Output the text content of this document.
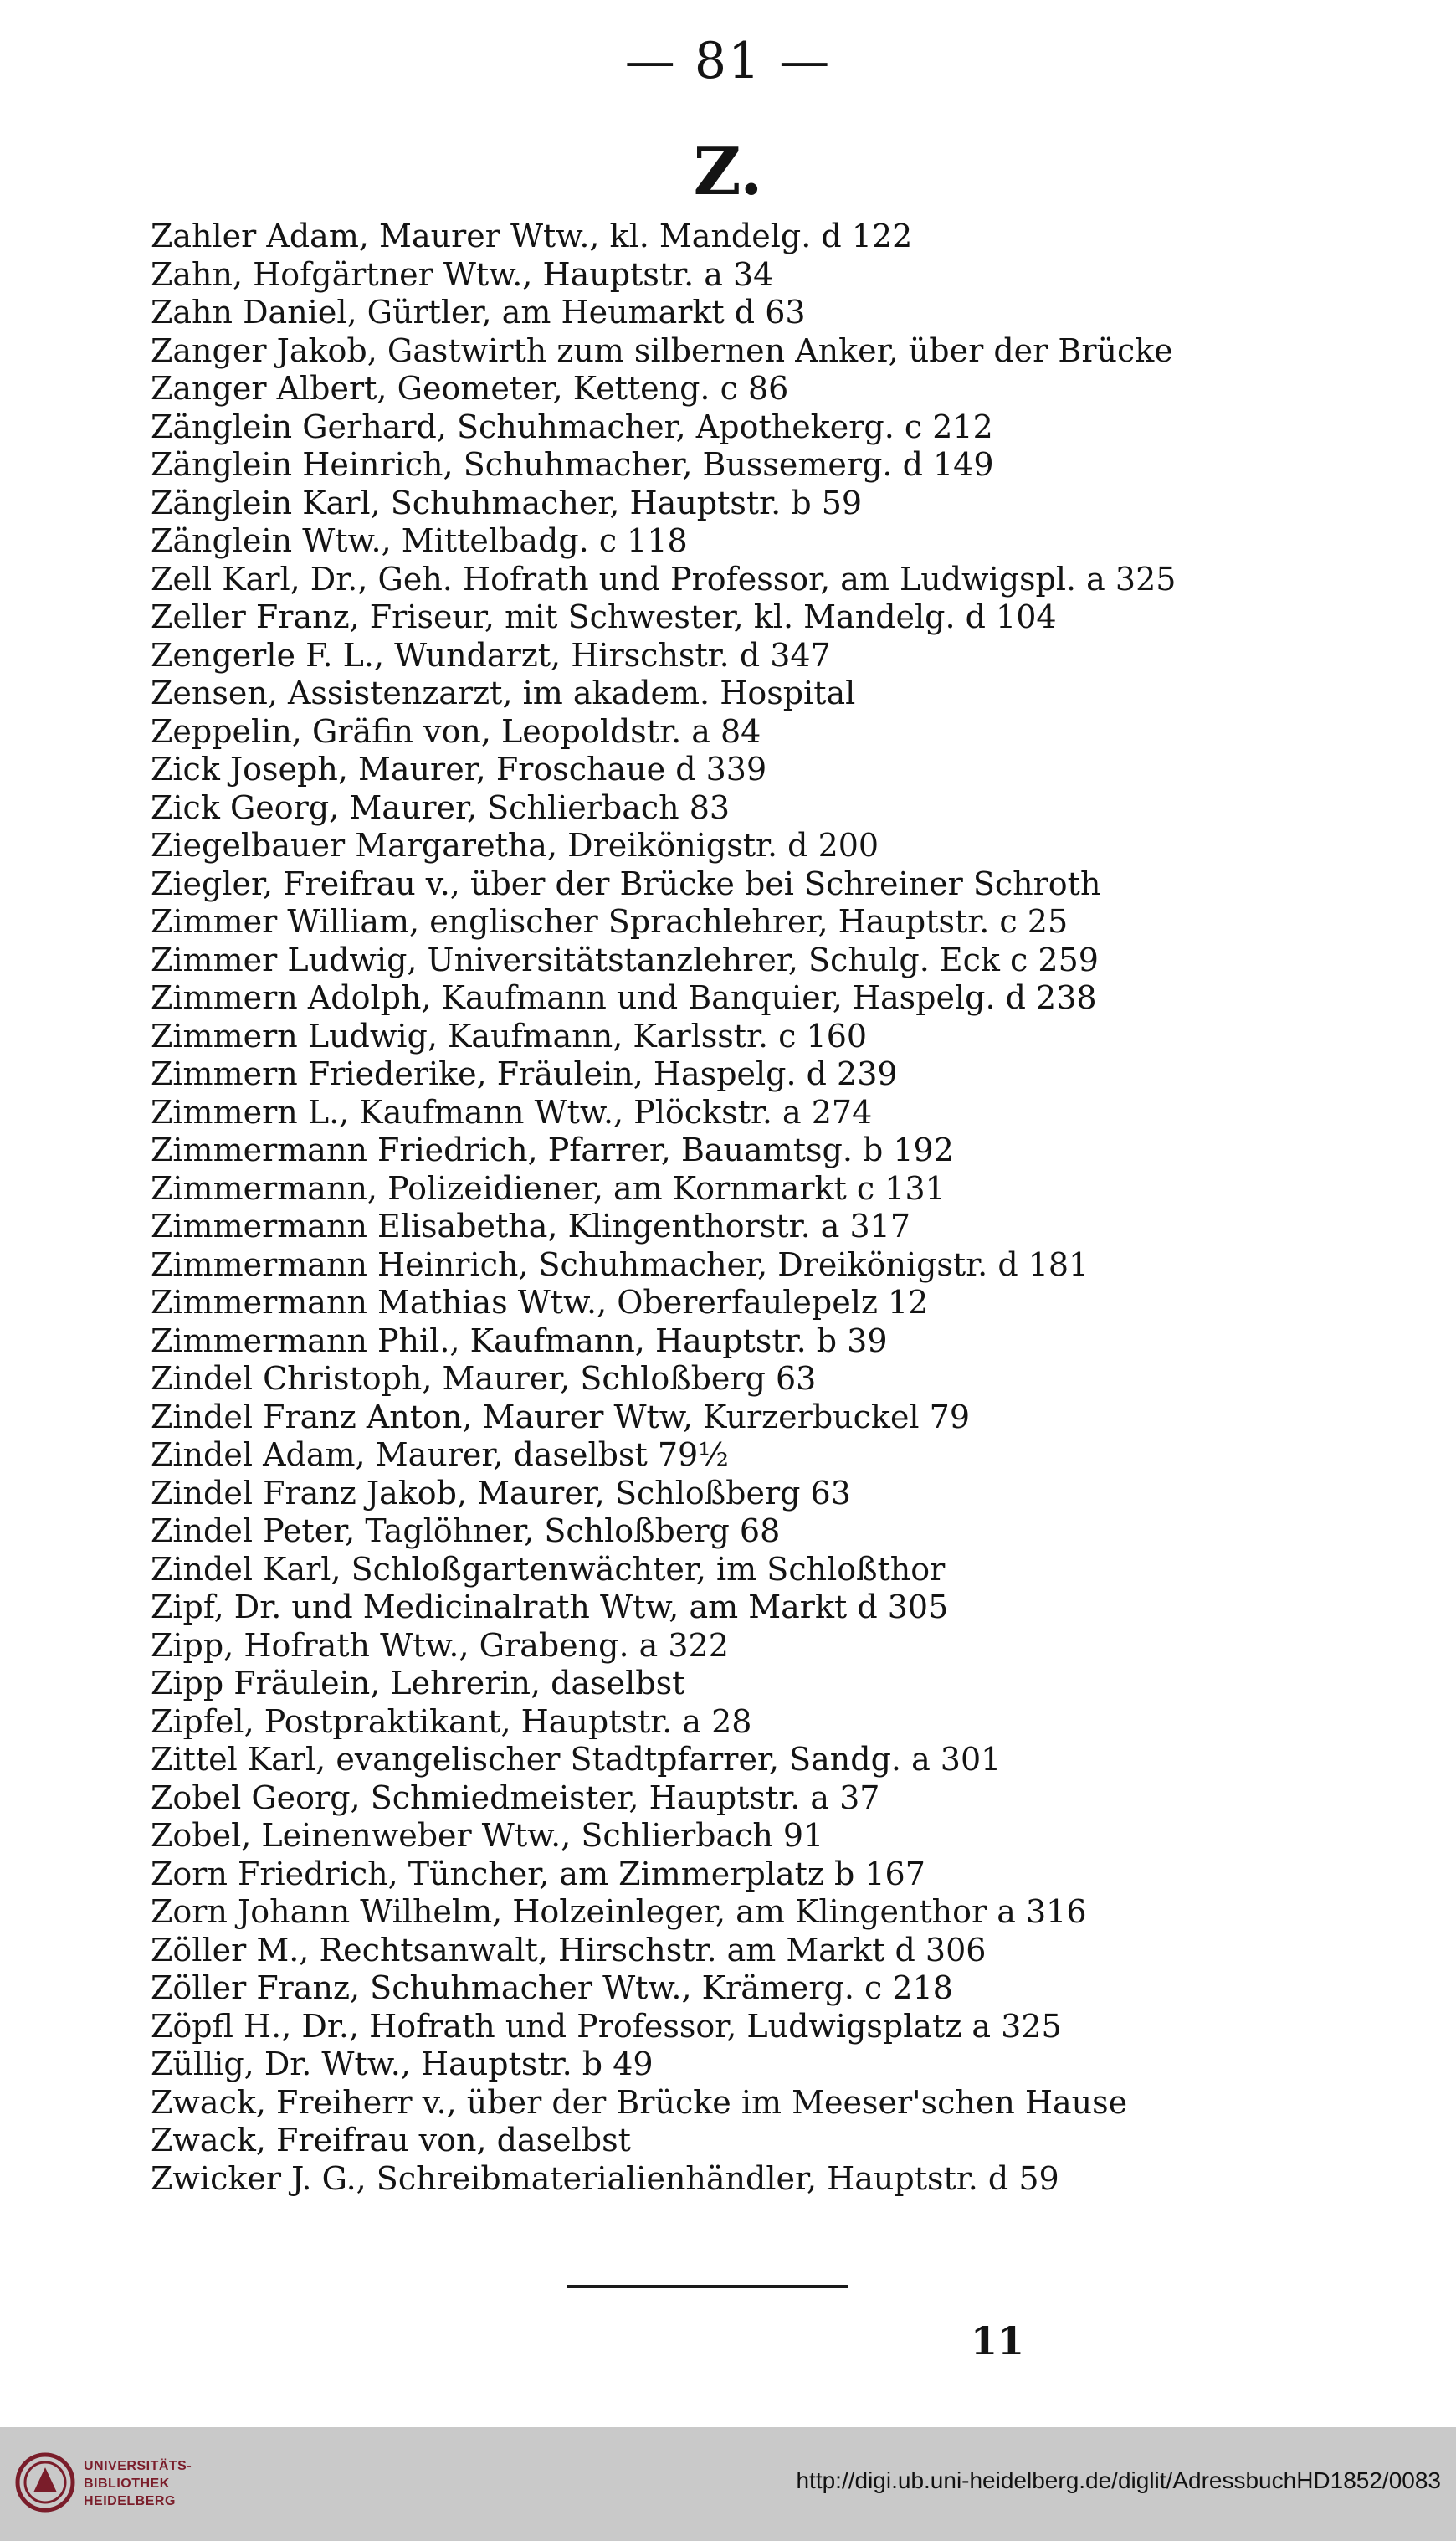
— 81 —
Z.
Zahler Adam, Maurer Wtw., kl. Mandelg. d 122
Zahn, Hofgärtner Wtw., Hauptstr. a 34
Zahn Daniel, Gürtler, am Heumarkt d 63
Zanger Jakob, Gastwirth zum silbernen Anker, über der Brücke
Zanger Albert, Geometer, Ketteng. c 86
Zänglein Gerhard, Schuhmacher, Apothekerg. c 212
Zänglein Heinrich, Schuhmacher, Bussemerg. d 149
Zänglein Karl, Schuhmacher, Hauptstr. b 59
Zänglein Wtw., Mittelbadg. c 118
Zell Karl, Dr., Geh. Hofrath und Professor, am Ludwigspl. a 325
Zeller Franz, Friseur, mit Schwester, kl. Mandelg. d 104
Zengerle F. L., Wundarzt, Hirschstr. d 347
Zensen, Assistenzarzt, im akadem. Hospital
Zeppelin, Gräfin von, Leopoldstr. a 84
Zick Joseph, Maurer, Froschaue d 339
Zick Georg, Maurer, Schlierbach 83
Ziegelbauer Margaretha, Dreikönigstr. d 200
Ziegler, Freifrau v., über der Brücke bei Schreiner Schroth
Zimmer William, englischer Sprachlehrer, Hauptstr. c 25
Zimmer Ludwig, Universitätstanzlehrer, Schulg. Eck c 259
Zimmern Adolph, Kaufmann und Banquier, Haspelg. d 238
Zimmern Ludwig, Kaufmann, Karlsstr. c 160
Zimmern Friederike, Fräulein, Haspelg. d 239
Zimmern L., Kaufmann Wtw., Plöckstr. a 274
Zimmermann Friedrich, Pfarrer, Bauamtsg. b 192
Zimmermann, Polizeidiener, am Kornmarkt c 131
Zimmermann Elisabetha, Klingenthorstr. a 317
Zimmermann Heinrich, Schuhmacher, Dreikönigstr. d 181
Zimmermann Mathias Wtw., Obererfaulepelz 12
Zimmermann Phil., Kaufmann, Hauptstr. b 39
Zindel Christoph, Maurer, Schloßberg 63
Zindel Franz Anton, Maurer Wtw, Kurzerbuckel 79
Zindel Adam, Maurer, daselbst 79½
Zindel Franz Jakob, Maurer, Schloßberg 63
Zindel Peter, Taglöhner, Schloßberg 68
Zindel Karl, Schloßgartenwächter, im Schloßthor
Zipf, Dr. und Medicinalrath Wtw, am Markt d 305
Zipp, Hofrath Wtw., Grabeng. a 322
Zipp Fräulein, Lehrerin, daselbst
Zipfel, Postpraktikant, Hauptstr. a 28
Zittel Karl, evangelischer Stadtpfarrer, Sandg. a 301
Zobel Georg, Schmiedmeister, Hauptstr. a 37
Zobel, Leinenweber Wtw., Schlierbach 91
Zorn Friedrich, Tüncher, am Zimmerplatz b 167
Zorn Johann Wilhelm, Holzeinleger, am Klingenthor a 316
Zöller M., Rechtsanwalt, Hirschstr. am Markt d 306
Zöller Franz, Schuhmacher Wtw., Krämerg. c 218
Zöpfl H., Dr., Hofrath und Professor, Ludwigsplatz a 325
Züllig, Dr. Wtw., Hauptstr. b 49
Zwack, Freiherr v., über der Brücke im Meeser'schen Hause
Zwack, Freifrau von, daselbst
Zwicker J. G., Schreibmaterialienhändler, Hauptstr. d 59
11
UNIVERSITÄTS-
BIBLIOTHEK
HEIDELBERG
http://digi.ub.uni-heidelberg.de/diglit/AdressbuchHD1852/0083
